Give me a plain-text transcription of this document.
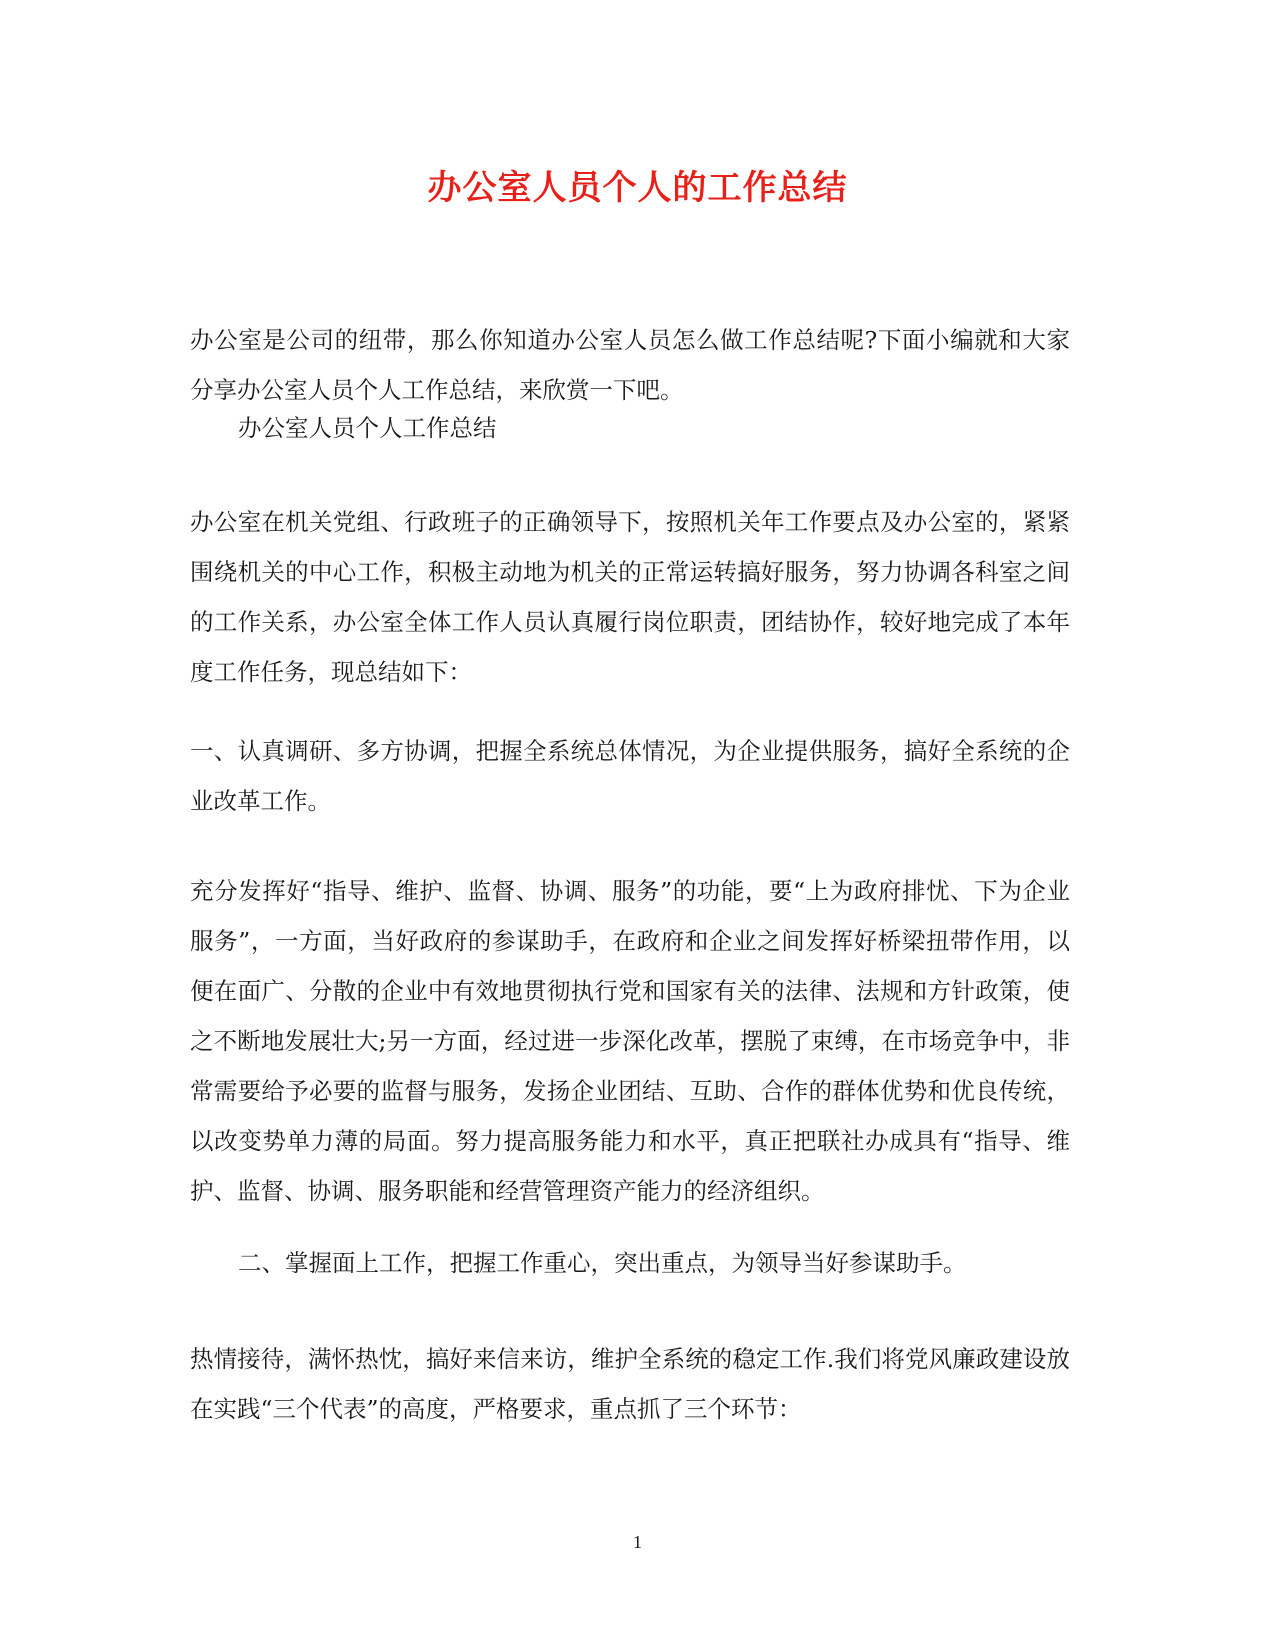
办公室人员个人的工作总结

办公室是公司的纽带，那么你知道办公室人员怎么做工作总结呢?下面小编就和大家分享办公室人员个人工作总结，来欣赏一下吧。

办公室人员个人工作总结

办公室在机关党组、行政班子的正确领导下，按照机关年工作要点及办公室的，紧紧围绕机关的中心工作，积极主动地为机关的正常运转搞好服务，努力协调各科室之间的工作关系，办公室全体工作人员认真履行岗位职责，团结协作，较好地完成了本年度工作任务，现总结如下：

一、认真调研、多方协调，把握全系统总体情况，为企业提供服务，搞好全系统的企业改革工作。

充分发挥好“指导、维护、监督、协调、服务”的功能，要“上为政府排忧、下为企业服务”，一方面，当好政府的参谋助手，在政府和企业之间发挥好桥梁扭带作用，以便在面广、分散的企业中有效地贯彻执行党和国家有关的法律、法规和方针政策，使之不断地发展壮大;另一方面，经过进一步深化改革，摆脱了束缚，在市场竞争中，非常需要给予必要的监督与服务，发扬企业团结、互助、合作的群体优势和优良传统，以改变势单力薄的局面。努力提高服务能力和水平，真正把联社办成具有“指导、维护、监督、协调、服务职能和经营管理资产能力的经济组织。

二、掌握面上工作，把握工作重心，突出重点，为领导当好参谋助手。

热情接待，满怀热忱，搞好来信来访，维护全系统的稳定工作.我们将党风廉政建设放在实践“三个代表”的高度，严格要求，重点抓了三个环节：

1
